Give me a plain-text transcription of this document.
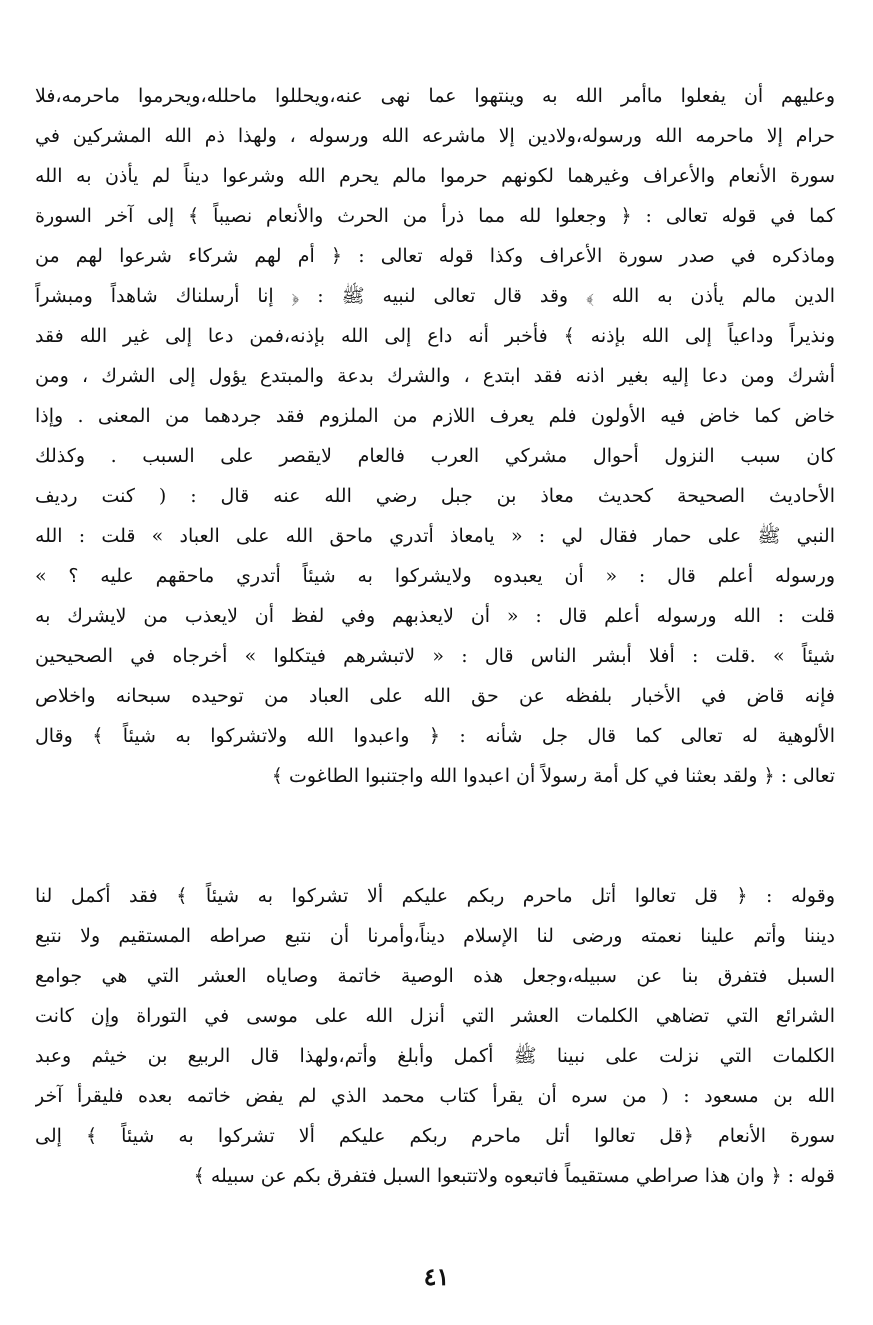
وعليهم أن يفعلوا ماأمر الله به وينتهوا عما نهى عنه،ويحللوا ماحلله،ويحرموا ماحرمه،فلا
حرام إلا ماحرمه الله ورسوله،ولادين إلا ماشرعه الله ورسوله ، ولهذا ذم الله المشركين في
سورة الأنعام والأعراف وغيرهما لكونهم حرموا مالم يحرم الله وشرعوا ديناً لم يأذن به الله
كما في قوله تعالى : ﴿ وجعلوا لله مما ذرأ من الحرث والأنعام نصيباً ﴾ إلى آخر السورة
وماذكره في صدر سورة الأعراف وكذا قوله تعالى : ﴿ أم لهم شركاء شرعوا لهم من
الدين مالم يأذن به الله ﴾ وقد قال تعالى لنبيه ﷺ : ﴿ إنا أرسلناك شاهداً ومبشراً
ونذيراً وداعياً إلى الله بإذنه ﴾ فأخبر أنه داع إلى الله بإذنه،فمن دعا إلى غير الله فقد
أشرك ومن دعا إليه بغير اذنه فقد ابتدع ، والشرك بدعة والمبتدع يؤول إلى الشرك ، ومن
خاض كما خاض فيه الأولون فلم يعرف اللازم من الملزوم فقد جردهما من المعنى . وإذا
كان سبب النزول أحوال مشركي العرب فالعام لايقصر على السبب . وكذلك
الأحاديث الصحيحة كحديث معاذ بن جبل رضي الله عنه قال : ( كنت رديف
النبي ﷺ على حمار فقال لي : « يامعاذ أتدري ماحق الله على العباد » قلت : الله
ورسوله أعلم قال : « أن يعبدوه ولايشركوا به شيئاً أتدري ماحقهم عليه ؟ »
قلت : الله ورسوله أعلم قال : « أن لايعذبهم وفي لفظ أن لايعذب من لايشرك به
شيئاً » .قلت : أفلا أبشر الناس قال : « لاتبشرهم فيتكلوا » أخرجاه في الصحيحين
فإنه قاض في الأخبار بلفظه عن حق الله على العباد من توحيده سبحانه واخلاص
الألوهية له تعالى كما قال جل شأنه : ﴿ واعبدوا الله ولاتشركوا به شيئاً ﴾ وقال
تعالى : ﴿ ولقد بعثنا في كل أمة رسولاً أن اعبدوا الله واجتنبوا الطاغوت ﴾
وقوله : ﴿ قل تعالوا أتل ماحرم ربكم عليكم ألا تشركوا به شيئاً ﴾ فقد أكمل لنا
ديننا وأتم علينا نعمته ورضى لنا الإسلام ديناً،وأمرنا أن نتبع صراطه المستقيم ولا نتبع
السبل فتفرق بنا عن سبيله،وجعل هذه الوصية خاتمة وصاياه العشر التي هي جوامع
الشرائع التي تضاهي الكلمات العشر التي أنزل الله على موسى في التوراة وإن كانت
الكلمات التي نزلت على نبينا ﷺ أكمل وأبلغ وأتم،ولهذا قال الربيع بن خيثم وعبد
الله بن مسعود : ( من سره أن يقرأ كتاب محمد الذي لم يفض خاتمه بعده فليقرأ آخر
سورة الأنعام ﴿قل تعالوا أتل ماحرم ربكم عليكم ألا تشركوا به شيئاً ﴾ إلى
قوله : ﴿ وان هذا صراطي مستقيماً فاتبعوه ولاتتبعوا السبل فتفرق بكم عن سبيله ﴾
٤١
